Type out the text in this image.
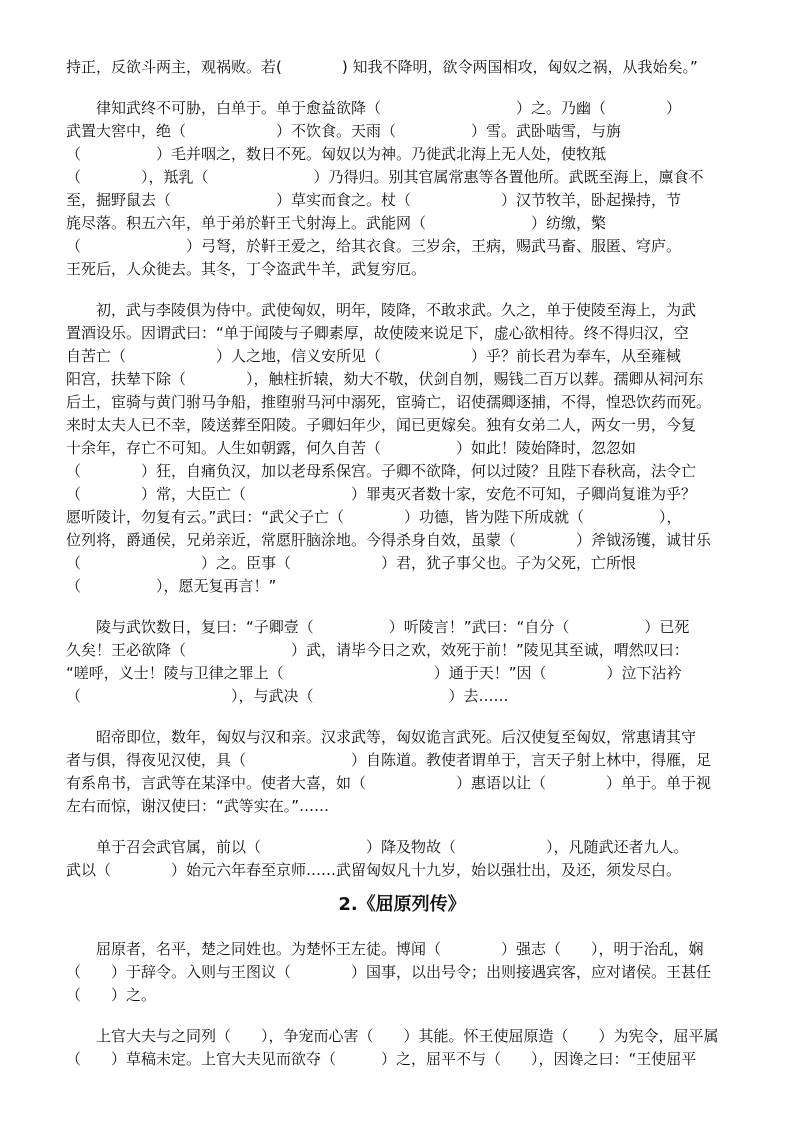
持正，反欲斗两主，观祸败。若(　　　　) 知我不降明，欲令两国相攻，匈奴之祸，从我始矣。”
律知武终不可胁，白单于。单于愈益欲降（　　　　　　　　　）之。乃幽（　　　　）
武置大窖中，绝（　　　　　　）不饮食。天雨（　　　　　）雪。武卧啮雪，与旃
（　　　　　）毛并咽之，数日不死。匈奴以为神。乃徙武北海上无人处，使牧羝
（　　　　），羝乳（　　　　　　　）乃得归。别其官属常惠等各置他所。武既至海上，廪食不
至，掘野鼠去（　　　　　　　）草实而食之。杖（　　　　　　）汉节牧羊，卧起操持，节
旄尽落。积五六年，单于弟於靬王弋射海上。武能网（　　　　　　　）纺缴，檠
（　　　　　　　）弓弩，於靬王爱之，给其衣食。三岁余，王病，赐武马畜、服匿、穹庐。
王死后，人众徙去。其冬，丁令盗武牛羊，武复穷厄。
初，武与李陵俱为侍中。武使匈奴，明年，陵降，不敢求武。久之，单于使陵至海上，为武
置酒设乐。因谓武曰：“单于闻陵与子卿素厚，故使陵来说足下，虚心欲相待。终不得归汉，空
自苦亡（　　　　　　）人之地，信义安所见（　　　　　　）乎？前长君为奉车，从至雍棫
阳宫，扶辇下除（　　　　），触柱折辕，劾大不敬，伏剑自刎，赐钱二百万以葬。孺卿从祠河东
后土，宦骑与黄门驸马争船，推堕驸马河中溺死，宦骑亡，诏使孺卿逐捕，不得，惶恐饮药而死。
来时太夫人已不幸，陵送葬至阳陵。子卿妇年少，闻已更嫁矣。独有女弟二人，两女一男，今复
十余年，存亡不可知。人生如朝露，何久自苦（　　　　　）如此！陵始降时，忽忽如
（　　　　）狂，自痛负汉，加以老母系保宫。子卿不欲降，何以过陵？且陛下春秋高，法令亡
（　　　　）常，大臣亡（　　　　　　　）罪夷灭者数十家，安危不可知，子卿尚复谁为乎？
愿听陵计，勿复有云。”武曰：“武父子亡（　　　　）功德，皆为陛下所成就（　　　　　），
位列将，爵通侯，兄弟亲近，常愿肝脑涂地。今得杀身自效，虽蒙（　　　　）斧钺汤镬，诚甘乐
（　　　　　　　　）之。臣事（　　　　　　）君，犹子事父也。子为父死，亡所恨
（　　　　　），愿无复再言！”
陵与武饮数日，复曰：“子卿壹（　　　　　）听陵言！”武曰：“自分（　　　　　）已死
久矣！王必欲降（　　　　　　　）武，请毕今日之欢，效死于前！”陵见其至诚，喟然叹曰：
“嗟呼，义士！陵与卫律之罪上（　　　　　　　　　　）通于天！”因（　　　　）泣下沾衿
（　　　　　　　　　　），与武决（　　　　　　　　　）去……
昭帝即位，数年，匈奴与汉和亲。汉求武等，匈奴诡言武死。后汉使复至匈奴，常惠请其守
者与俱，得夜见汉使，具（　　　　　　　）自陈道。教使者谓单于，言天子射上林中，得雁，足
有系帛书，言武等在某泽中。使者大喜，如（　　　　　　）惠语以让（　　　　）单于。单于视
左右而惊，谢汉使曰：“武等实在。”……
单于召会武官属，前以（　　　　　　　）降及物故（　　　　　　），凡随武还者九人。
武以（　　　　）始元六年春至京师……武留匈奴凡十九岁，始以强壮出，及还，须发尽白。
2.《屈原列传》
屈原者，名平，楚之同姓也。为楚怀王左徒。博闻（　　　　）强志（　　），明于治乱，娴
（　　）于辞令。入则与王图议（　　　　）国事，以出号令；出则接遇宾客，应对诸侯。王甚任
（　　）之。
上官大夫与之同列（　　），争宠而心害（　　）其能。怀王使屈原造（　　）为宪令，屈平属
（　　）草稿未定。上官大夫见而欲夺（　　　）之，屈平不与（　　），因谗之曰：“王使屈平
